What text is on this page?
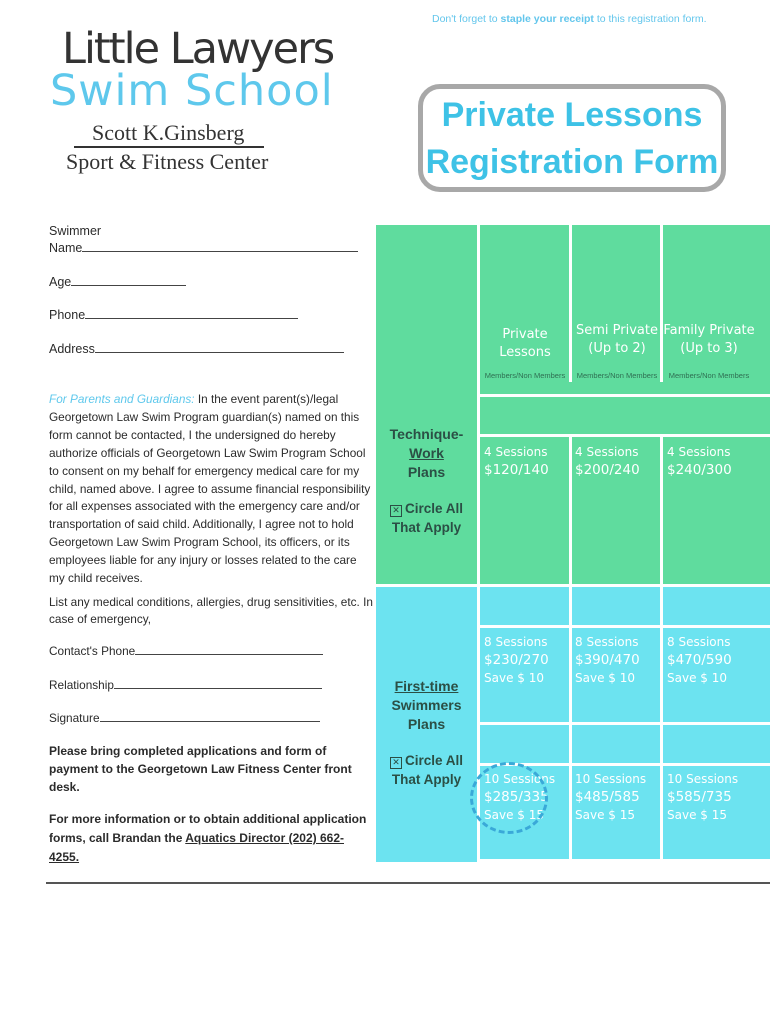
Don't forget to staple your receipt to this registration form.
Little Lawyers
Swim School
Scott K.Ginsberg
Sport & Fitness Center
Private Lessons
Registration Form
Swimmer
Name
Age
Phone
Address
For Parents and Guardians: In the event parent(s)/legal Georgetown Law Swim Program guardian(s) named on this form cannot be contacted, I the undersigned do hereby authorize officials of Georgetown Law Swim Program School to consent on my behalf for emergency medical care for my child, named above. I agree to assume financial responsibility for all expenses associated with the emergency care and/or transportation of said child. Additionally, I agree not to hold Georgetown Law Swim Program School, its officers, or its employees liable for any injury or losses related to the care my child receives.
List any medical conditions, allergies, drug sensitivities, etc. In case of emergency,
Contact's Phone
Relationship
Signature
Please bring completed applications and form of payment to the Georgetown Law Fitness Center front desk.
For more information or to obtain additional application forms, call Brandan the Aquatics Director (202) 662-4255.
Private
Lessons
Semi Private
(Up to 2)
Family Private
(Up to 3)
Members/Non Members	Members/Non Members	Members/Non Members
Technique-
Work
Plans
✕ Circle All
That Apply
First-time
Swimmers
Plans
✕ Circle All
That Apply
4 Sessions
$120/140
4 Sessions
$200/240
4 Sessions
$240/300
8 Sessions
$230/270
Save $ 10
8 Sessions
$390/470
Save $ 10
8 Sessions
$470/590
Save $ 10
10 Sessions
$285/335
Save $ 15
10 Sessions
$485/585
Save $ 15
10 Sessions
$585/735
Save $ 15
